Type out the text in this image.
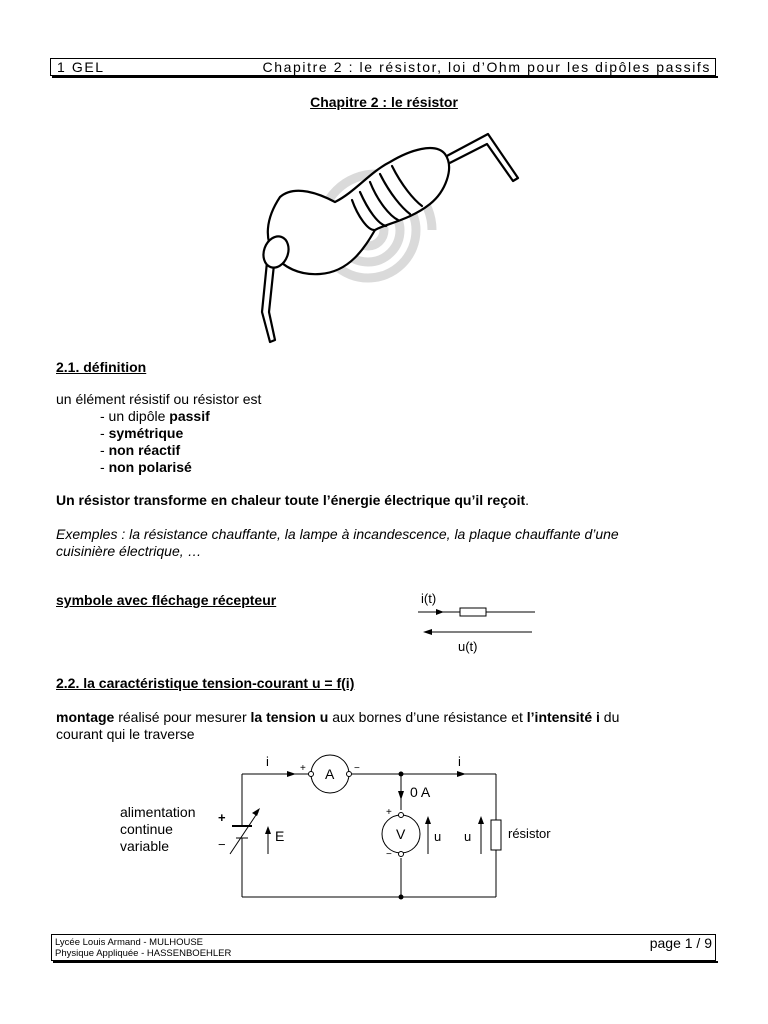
1 GEL	Chapitre 2 : le résistor, loi d’Ohm pour les dipôles passifs
Chapitre 2 : le résistor
2.1. définition
un élément résistif ou résistor est
- un dipôle passif
- symétrique
- non réactif
- non polarisé
Un résistor transforme en chaleur toute l’énergie électrique qu’il reçoit.
Exemples : la résistance chauffante, la lampe à incandescence, la plaque chauffante d’une
cuisinière électrique, …
symbole avec fléchage récepteur	i(t)
u(t)
2.2. la caractéristique tension-courant u = f(i)
montage réalisé pour mesurer la tension u aux bornes d’une résistance et l’intensité i du
courant qui le traverse
alimentation
continue
variable
+
−
E
i	i
A
+	−
0 A
V
+
−
u u	résistor
Lycée Louis Armand - MULHOUSE
Physique Appliquée - HASSENBOEHLER
page 1 / 9
